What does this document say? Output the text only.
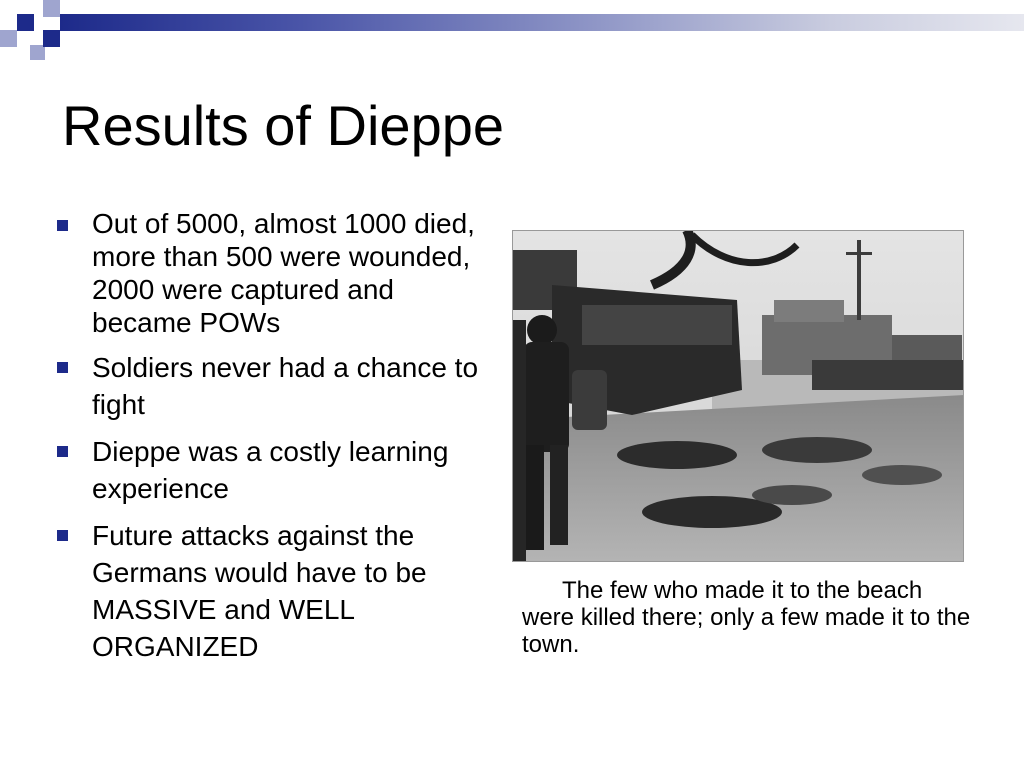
Results of Dieppe
Out of 5000, almost 1000 died, more than 500 were wounded, 2000 were captured and became POWs
Soldiers never had a chance to fight
Dieppe was a costly learning experience
Future attacks against the Germans would have to be MASSIVE and WELL ORGANIZED

The few who made it to the beach were killed there; only a few made it to the town.
